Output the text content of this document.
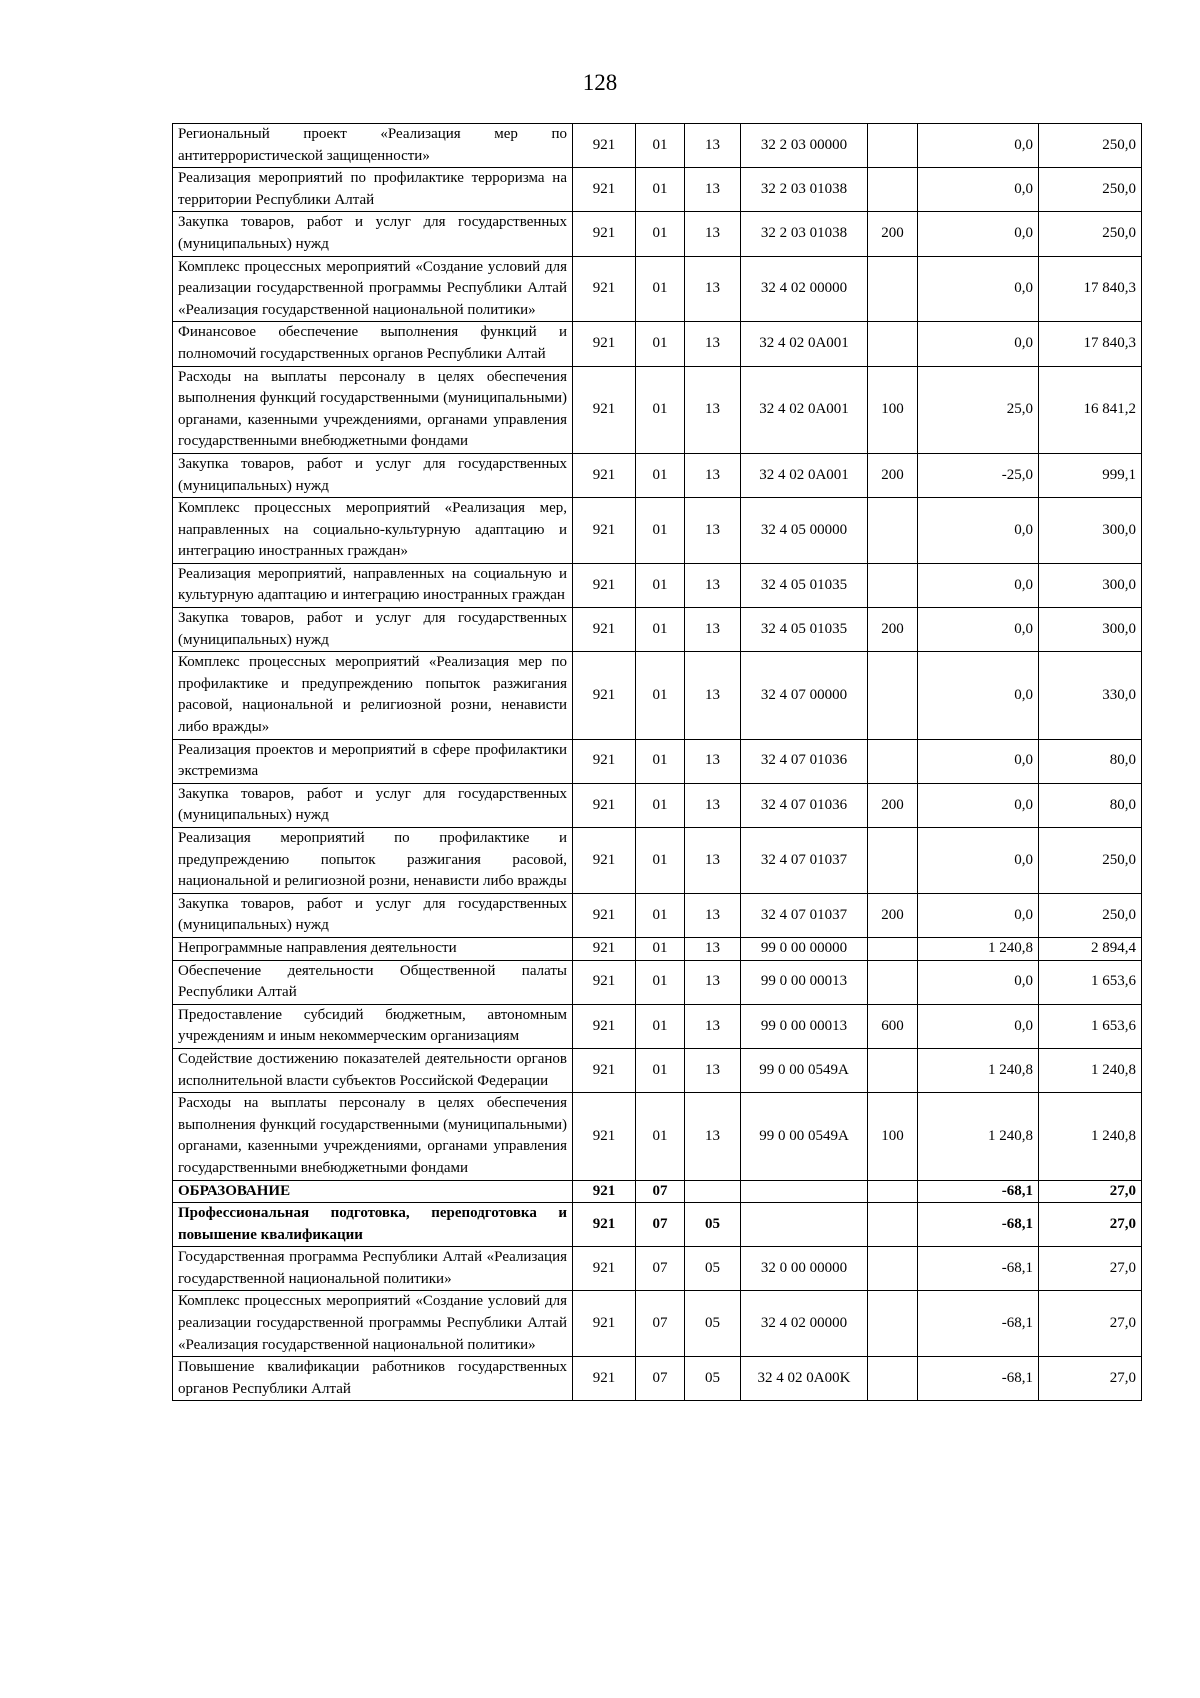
128
Региональный проект «Реализация мер по антитеррористической защищенности»	921	01	13	32 2 03 00000		0,0	250,0
Реализация мероприятий по профилактике терроризма на территории Республики Алтай	921	01	13	32 2 03 01038		0,0	250,0
Закупка товаров, работ и услуг для государственных (муниципальных) нужд	921	01	13	32 2 03 01038	200	0,0	250,0
Комплекс процессных мероприятий «Создание условий для реализации государственной программы Республики Алтай «Реализация государственной национальной политики»	921	01	13	32 4 02 00000		0,0	17 840,3
Финансовое обеспечение выполнения функций и полномочий государственных органов Республики Алтай	921	01	13	32 4 02 0A001		0,0	17 840,3
Расходы на выплаты персоналу в целях обеспечения выполнения функций государственными (муниципальными) органами, казенными учреждениями, органами управления государственными внебюджетными фондами	921	01	13	32 4 02 0A001	100	25,0	16 841,2
Закупка товаров, работ и услуг для государственных (муниципальных) нужд	921	01	13	32 4 02 0A001	200	-25,0	999,1
Комплекс процессных мероприятий «Реализация мер, направленных на социально-культурную адаптацию и интеграцию иностранных граждан»	921	01	13	32 4 05 00000		0,0	300,0
Реализация мероприятий, направленных на социальную и культурную адаптацию и интеграцию иностранных граждан	921	01	13	32 4 05 01035		0,0	300,0
Закупка товаров, работ и услуг для государственных (муниципальных) нужд	921	01	13	32 4 05 01035	200	0,0	300,0
Комплекс процессных мероприятий «Реализация мер по профилактике и предупреждению попыток разжигания расовой, национальной и религиозной розни, ненависти либо вражды»	921	01	13	32 4 07 00000		0,0	330,0
Реализация проектов и мероприятий в сфере профилактики экстремизма	921	01	13	32 4 07 01036		0,0	80,0
Закупка товаров, работ и услуг для государственных (муниципальных) нужд	921	01	13	32 4 07 01036	200	0,0	80,0
Реализация мероприятий по профилактике и предупреждению попыток разжигания расовой, национальной и религиозной розни, ненависти либо вражды	921	01	13	32 4 07 01037		0,0	250,0
Закупка товаров, работ и услуг для государственных (муниципальных) нужд	921	01	13	32 4 07 01037	200	0,0	250,0
Непрограммные направления деятельности	921	01	13	99 0 00 00000		1 240,8	2 894,4
Обеспечение деятельности Общественной палаты Республики Алтай	921	01	13	99 0 00 00013		0,0	1 653,6
Предоставление субсидий бюджетным, автономным учреждениям и иным некоммерческим организациям	921	01	13	99 0 00 00013	600	0,0	1 653,6
Содействие достижению показателей деятельности органов исполнительной власти субъектов Российской Федерации	921	01	13	99 0 00 0549A		1 240,8	1 240,8
Расходы на выплаты персоналу в целях обеспечения выполнения функций государственными (муниципальными) органами, казенными учреждениями, органами управления государственными внебюджетными фондами	921	01	13	99 0 00 0549A	100	1 240,8	1 240,8
ОБРАЗОВАНИЕ	921	07				-68,1	27,0
Профессиональная подготовка, переподготовка и повышение квалификации	921	07	05			-68,1	27,0
Государственная программа Республики Алтай «Реализация государственной национальной политики»	921	07	05	32 0 00 00000		-68,1	27,0
Комплекс процессных мероприятий «Создание условий для реализации государственной программы Республики Алтай «Реализация государственной национальной политики»	921	07	05	32 4 02 00000		-68,1	27,0
Повышение квалификации работников государственных органов Республики Алтай	921	07	05	32 4 02 0A00K		-68,1	27,0
